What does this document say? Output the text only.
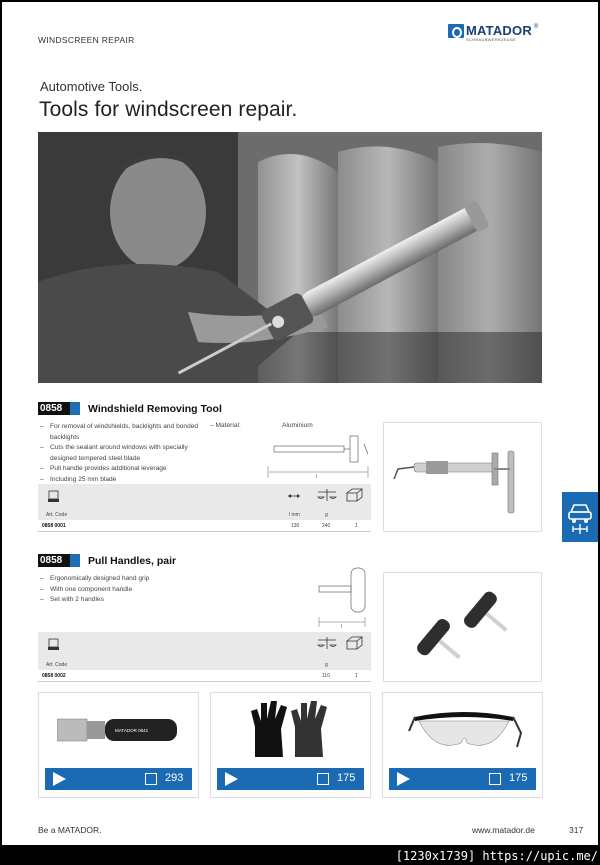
WINDSCREEN REPAIR
MATADOR ®
SCHRAUBWERKZEUGE
Automotive Tools.
Tools for windscreen repair.
0858	Windshield Removing Tool
– For removal of windshields, backlights and bonded backlights
– Cuts the sealant around windows with specially designed tempered steel blade
– Pull handle provides additional leverage
– Including 25 mm blade
– Material:	Aluminium
l
Art. Code	l mm	g
0858 0001	130	240	1
0858	Pull Handles, pair
– Ergonomically designed hand grip
– With one component handle
– Set with 2 handles
l
Art. Code	g
0858 0002	110	1
MATADOR 0841
293	175	175
Be a MATADOR.	www.matador.de	317
[1230x1739] https://upic.me/
